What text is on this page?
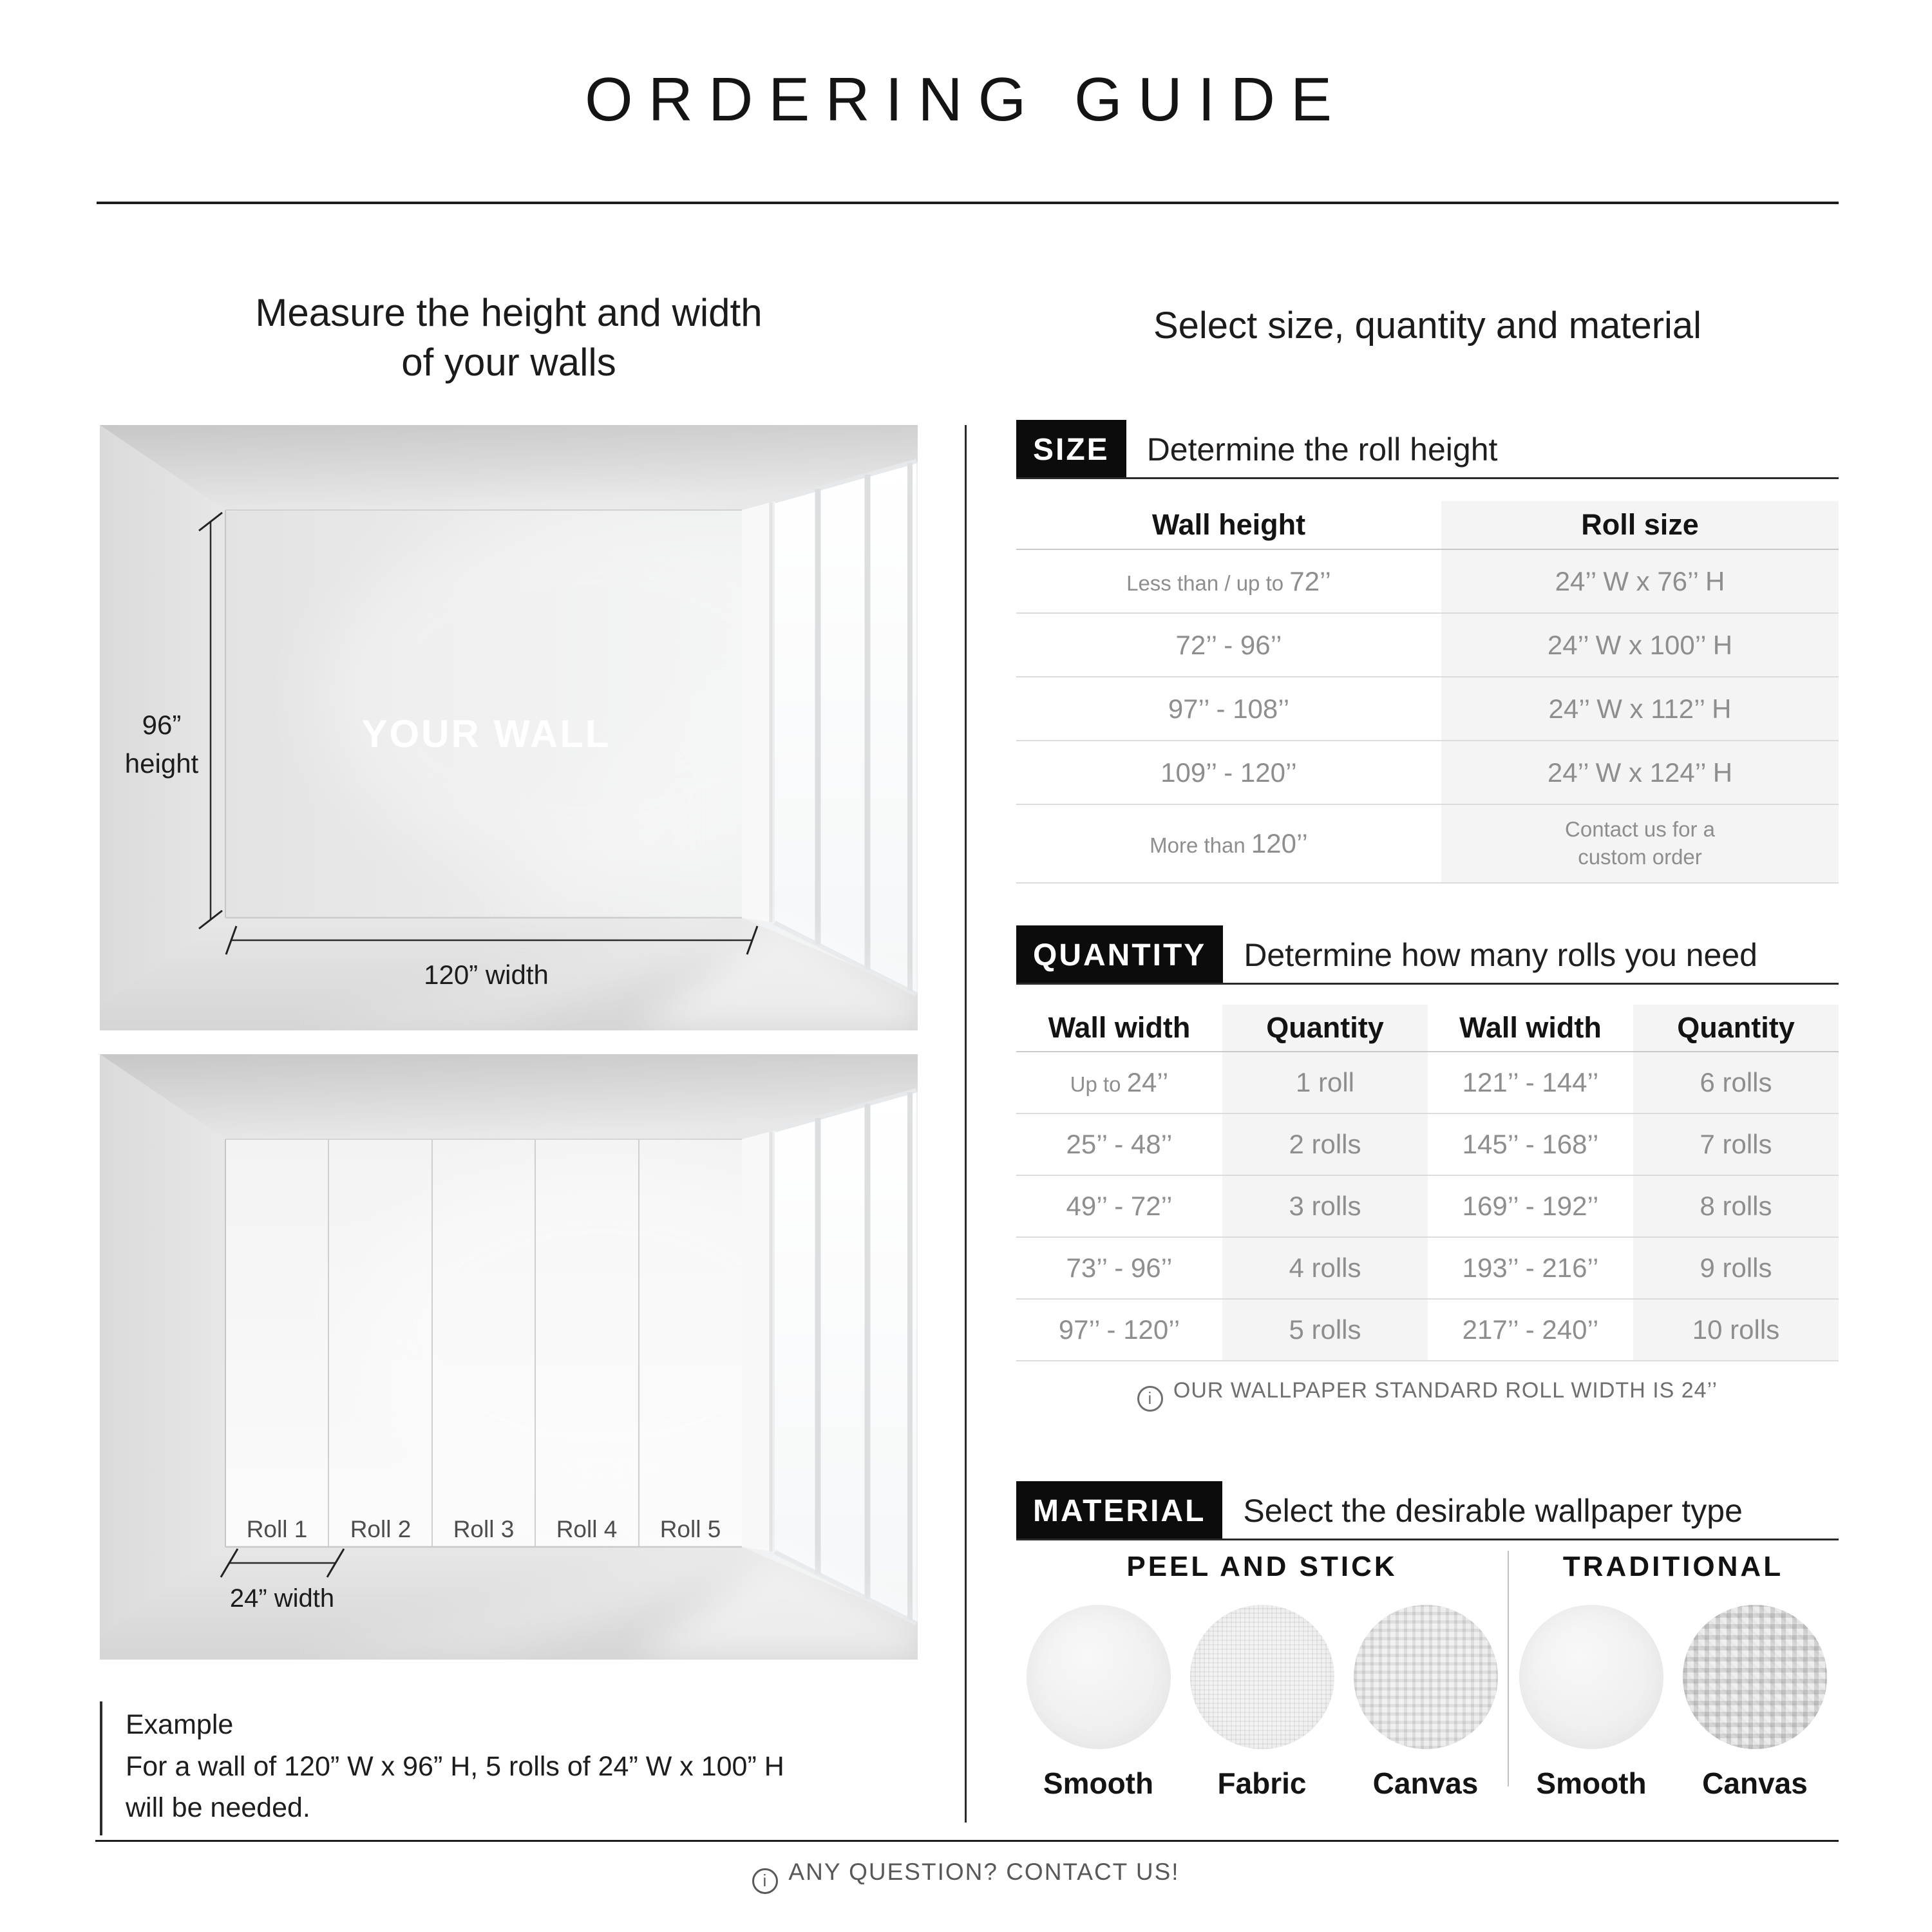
ORDERING GUIDE
Measure the height and width
of your walls
Select size, quantity and material
YOUR WALL
96”
height
120” width
Roll 1 Roll 2 Roll 3 Roll 4 Roll 5
24” width
Example
For a wall of 120” W x 96” H, 5 rolls of 24” W x 100” H
will be needed.
SIZE	Determine the roll height
Wall height	Roll size
Less than / up to 72’’	24’’ W x 76’’ H
72’’ - 96’’	24’’ W x 100’’ H
97’’ - 108’’	24’’ W x 112’’ H
109’’ - 120’’	24’’ W x 124’’ H
More than 120’’	Contact us for a custom order
QUANTITY	Determine how many rolls you need
Wall width	Quantity	Wall width	Quantity
Up to 24’’	1 roll	121’’ - 144’’	6 rolls
25’’ - 48’’	2 rolls	145’’ - 168’’	7 rolls
49’’ - 72’’	3 rolls	169’’ - 192’’	8 rolls
73’’ - 96’’	4 rolls	193’’ - 216’’	9 rolls
97’’ - 120’’	5 rolls	217’’ - 240’’	10 rolls
i OUR WALLPAPER STANDARD ROLL WIDTH IS 24’’
MATERIAL	Select the desirable wallpaper type
PEEL AND STICK
Smooth Fabric Canvas
TRADITIONAL
Smooth Canvas
i ANY QUESTION? CONTACT US!
